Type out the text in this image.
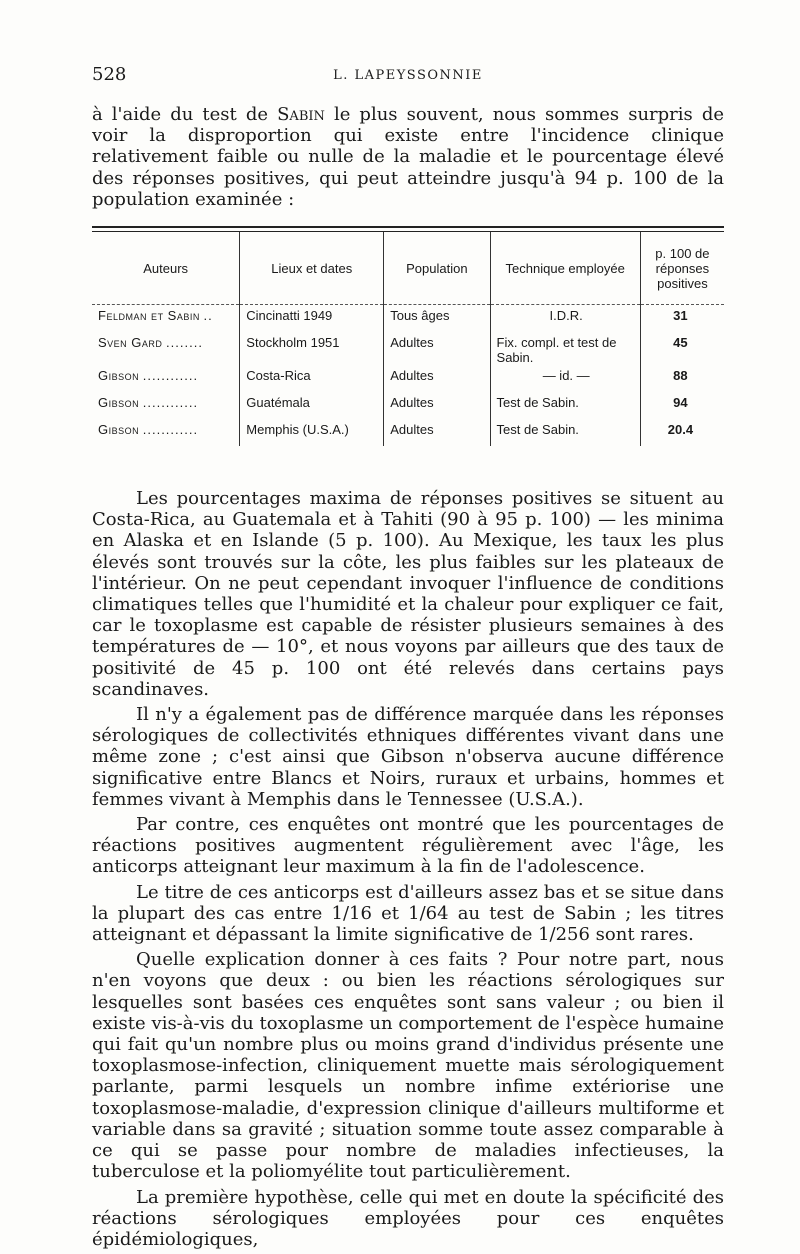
528	L. LAPEYSSONNIE

à l'aide du test de Sabin le plus souvent, nous sommes surpris de voir la disproportion qui existe entre l'incidence clinique relativement faible ou nulle de la maladie et le pourcentage élevé des réponses positives, qui peut atteindre jusqu'à 94 p. 100 de la population examinée :

Auteurs	Lieux et dates	Population	Technique employée	p. 100 de réponses positives
Feldman et Sabin ..	Cincinatti 1949	Tous âges	I.D.R.	31
Sven Gard ........	Stockholm 1951	Adultes	Fix. compl. et test de Sabin.	45
Gibson ............	Costa-Rica	Adultes	— id. —	88
Gibson ............	Guatémala	Adultes	Test de Sabin.	94
Gibson ............	Memphis (U.S.A.)	Adultes	Test de Sabin.	20.4

Les pourcentages maxima de réponses positives se situent au Costa-Rica, au Guatemala et à Tahiti (90 à 95 p. 100) — les minima en Alaska et en Islande (5 p. 100). Au Mexique, les taux les plus élevés sont trouvés sur la côte, les plus faibles sur les plateaux de l'intérieur. On ne peut cependant invoquer l'influence de conditions climatiques telles que l'humidité et la chaleur pour expliquer ce fait, car le toxoplasme est capable de résister plusieurs semaines à des températures de — 10°, et nous voyons par ailleurs que des taux de positivité de 45 p. 100 ont été relevés dans certains pays scandinaves.

Il n'y a également pas de différence marquée dans les réponses sérologiques de collectivités ethniques différentes vivant dans une même zone ; c'est ainsi que Gibson n'observa aucune différence significative entre Blancs et Noirs, ruraux et urbains, hommes et femmes vivant à Memphis dans le Tennessee (U.S.A.).

Par contre, ces enquêtes ont montré que les pourcentages de réactions positives augmentent régulièrement avec l'âge, les anticorps atteignant leur maximum à la fin de l'adolescence.

Le titre de ces anticorps est d'ailleurs assez bas et se situe dans la plupart des cas entre 1/16 et 1/64 au test de Sabin ; les titres atteignant et dépassant la limite significative de 1/256 sont rares.

Quelle explication donner à ces faits ? Pour notre part, nous n'en voyons que deux : ou bien les réactions sérologiques sur lesquelles sont basées ces enquêtes sont sans valeur ; ou bien il existe vis-à-vis du toxoplasme un comportement de l'espèce humaine qui fait qu'un nombre plus ou moins grand d'individus présente une toxoplasmose-infection, cliniquement muette mais sérologiquement parlante, parmi lesquels un nombre infime extériorise une toxoplasmose-maladie, d'expression clinique d'ailleurs multiforme et variable dans sa gravité ; situation somme toute assez comparable à ce qui se passe pour nombre de maladies infectieuses, la tuberculose et la poliomyélite tout particulièrement.

La première hypothèse, celle qui met en doute la spécificité des réactions sérologiques employées pour ces enquêtes épidémiologiques,
